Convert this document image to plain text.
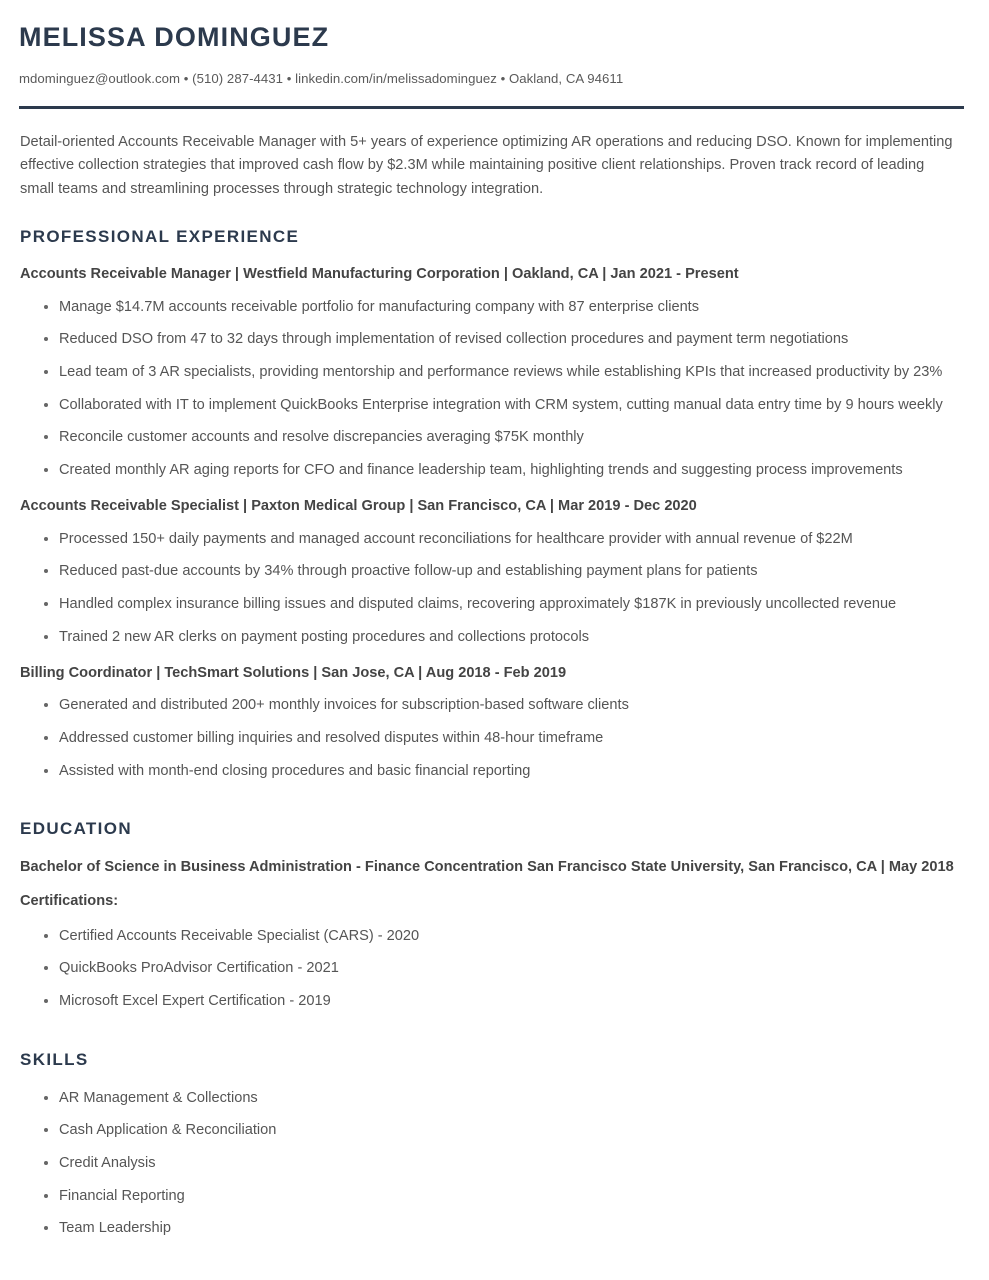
MELISSA DOMINGUEZ
mdominguez@outlook.com • (510) 287-4431 • linkedin.com/in/melissadominguez • Oakland, CA 94611

Detail-oriented Accounts Receivable Manager with 5+ years of experience optimizing AR operations and reducing DSO. Known for implementing effective collection strategies that improved cash flow by $2.3M while maintaining positive client relationships. Proven track record of leading small teams and streamlining processes through strategic technology integration.

PROFESSIONAL EXPERIENCE
Accounts Receivable Manager | Westfield Manufacturing Corporation | Oakland, CA | Jan 2021 - Present
Manage $14.7M accounts receivable portfolio for manufacturing company with 87 enterprise clients
Reduced DSO from 47 to 32 days through implementation of revised collection procedures and payment term negotiations
Lead team of 3 AR specialists, providing mentorship and performance reviews while establishing KPIs that increased productivity by 23%
Collaborated with IT to implement QuickBooks Enterprise integration with CRM system, cutting manual data entry time by 9 hours weekly
Reconcile customer accounts and resolve discrepancies averaging $75K monthly
Created monthly AR aging reports for CFO and finance leadership team, highlighting trends and suggesting process improvements
Accounts Receivable Specialist | Paxton Medical Group | San Francisco, CA | Mar 2019 - Dec 2020
Processed 150+ daily payments and managed account reconciliations for healthcare provider with annual revenue of $22M
Reduced past-due accounts by 34% through proactive follow-up and establishing payment plans for patients
Handled complex insurance billing issues and disputed claims, recovering approximately $187K in previously uncollected revenue
Trained 2 new AR clerks on payment posting procedures and collections protocols
Billing Coordinator | TechSmart Solutions | San Jose, CA | Aug 2018 - Feb 2019
Generated and distributed 200+ monthly invoices for subscription-based software clients
Addressed customer billing inquiries and resolved disputes within 48-hour timeframe
Assisted with month-end closing procedures and basic financial reporting
EDUCATION
Bachelor of Science in Business Administration - Finance Concentration San Francisco State University, San Francisco, CA | May 2018
Certifications:
Certified Accounts Receivable Specialist (CARS) - 2020
QuickBooks ProAdvisor Certification - 2021
Microsoft Excel Expert Certification - 2019
SKILLS
AR Management & Collections
Cash Application & Reconciliation
Credit Analysis
Financial Reporting
Team Leadership
